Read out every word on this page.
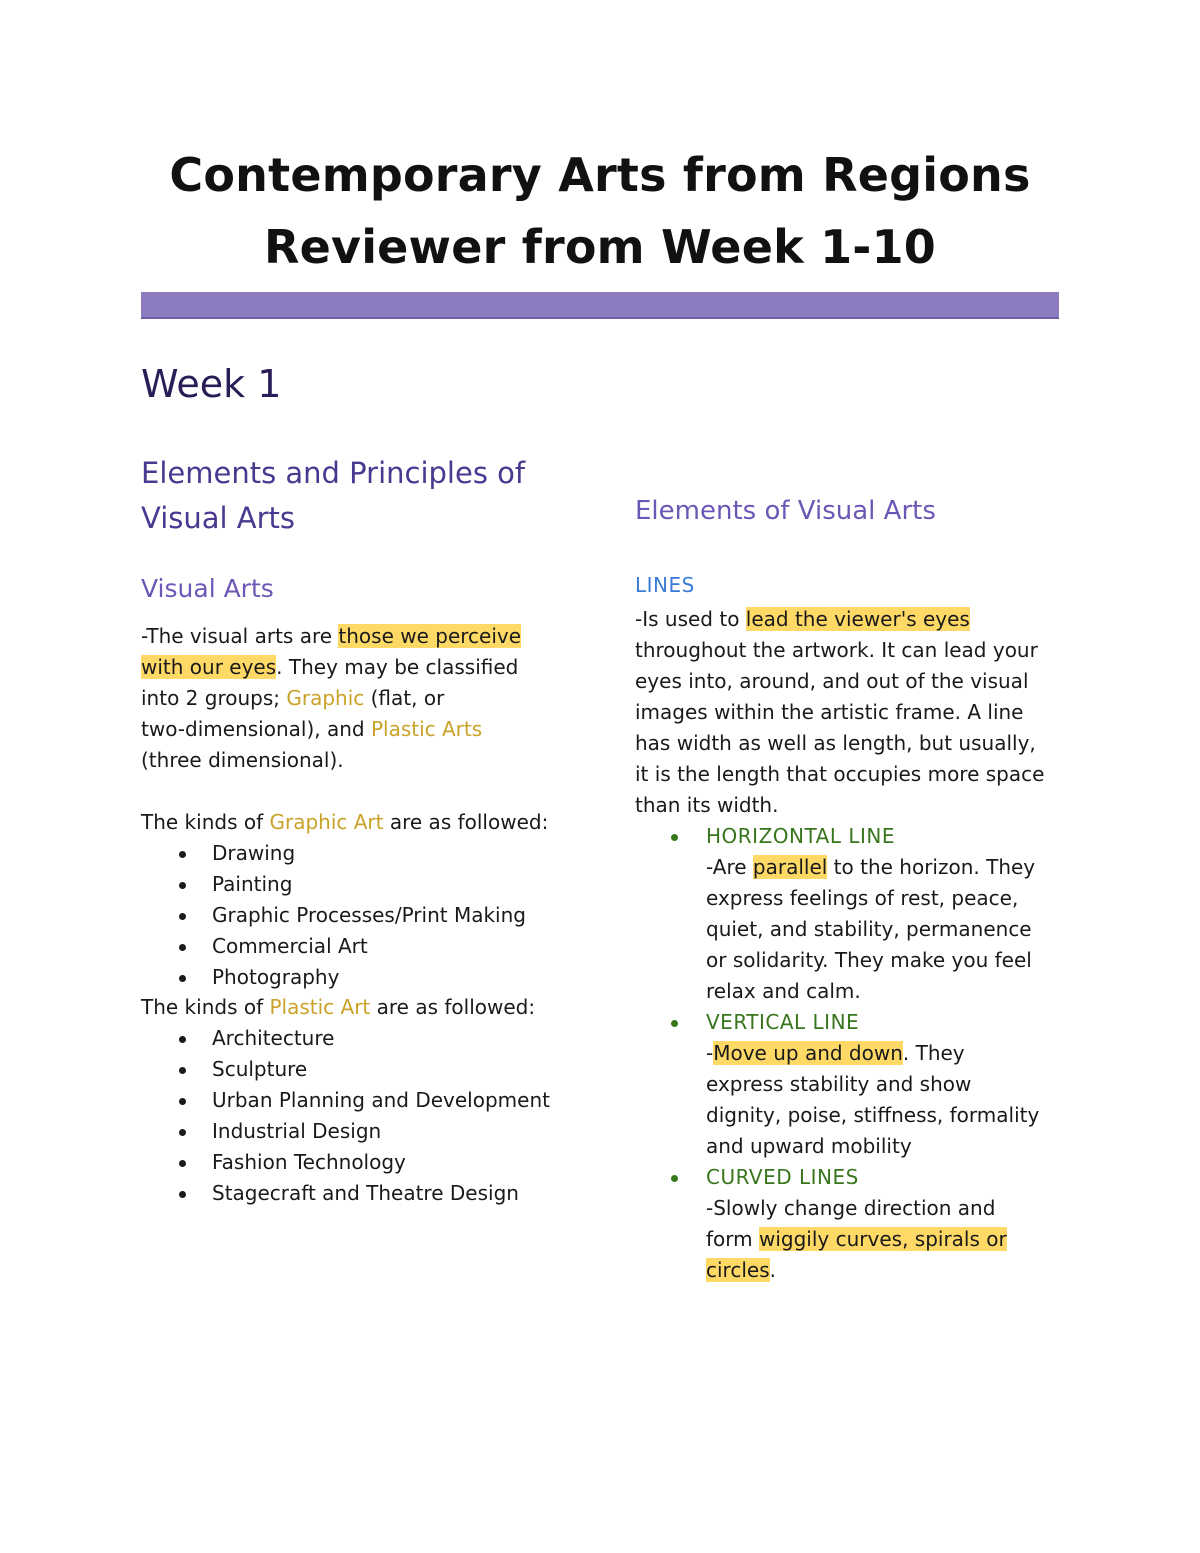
Contemporary Arts from Regions
Reviewer from Week 1-10
Week 1
Elements and Principles of
Visual Arts
Visual Arts
-The visual arts are those we perceive
with our eyes. They may be classified
into 2 groups; Graphic (flat, or
two-dimensional), and Plastic Arts
(three dimensional).
The kinds of Graphic Art are as followed:
Drawing
Painting
Graphic Processes/Print Making
Commercial Art
Photography
The kinds of Plastic Art are as followed:
Architecture
Sculpture
Urban Planning and Development
Industrial Design
Fashion Technology
Stagecraft and Theatre Design
Elements of Visual Arts
LINES
-Is used to lead the viewer's eyes
throughout the artwork. It can lead your
eyes into, around, and out of the visual
images within the artistic frame. A line
has width as well as length, but usually,
it is the length that occupies more space
than its width.
HORIZONTAL LINE
-Are parallel to the horizon. They
express feelings of rest, peace,
quiet, and stability, permanence
or solidarity. They make you feel
relax and calm.
VERTICAL LINE
-Move up and down. They
express stability and show
dignity, poise, stiffness, formality
and upward mobility
CURVED LINES
-Slowly change direction and
form wiggily curves, spirals or
circles.
